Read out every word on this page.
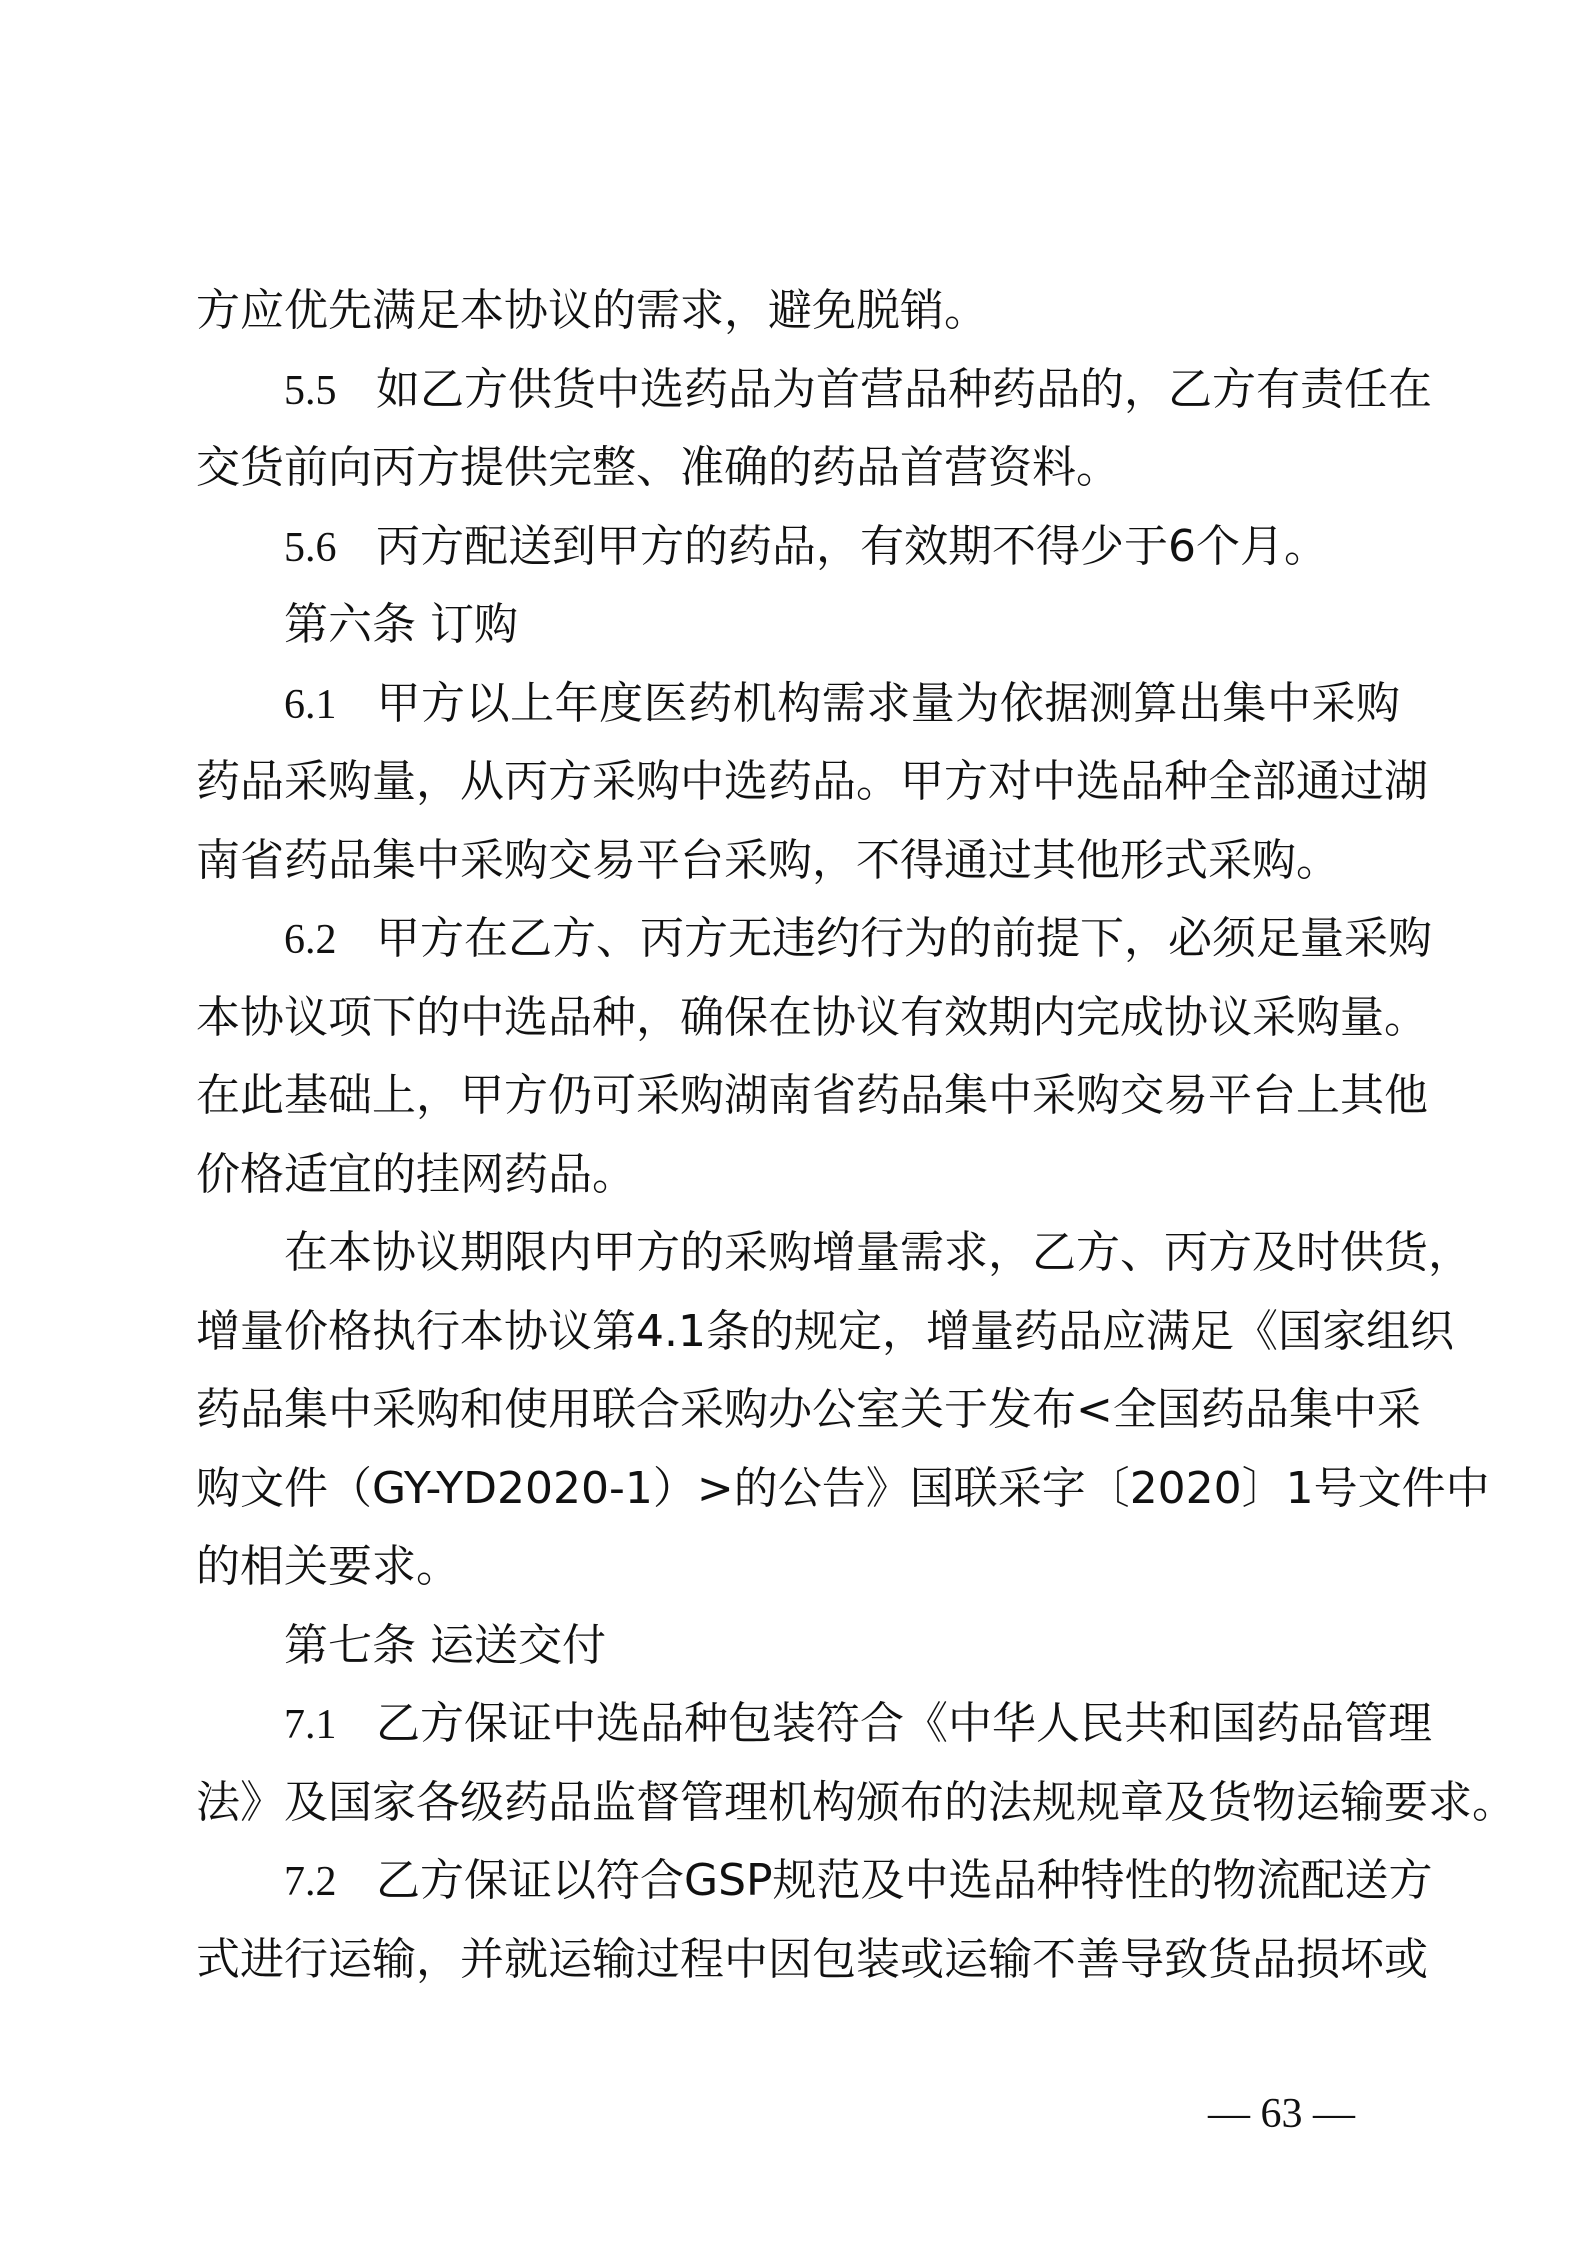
方应优先满足本协议的需求，避免脱销。

5.5 如乙方供货中选药品为首营品种药品的，乙方有责任在

交货前向丙方提供完整、准确的药品首营资料。

5.6 丙方配送到甲方的药品，有效期不得少于6个月。

第六条 订购

6.1 甲方以上年度医药机构需求量为依据测算出集中采购

药品采购量，从丙方采购中选药品。甲方对中选品种全部通过湖

南省药品集中采购交易平台采购，不得通过其他形式采购。

6.2 甲方在乙方、丙方无违约行为的前提下，必须足量采购

本协议项下的中选品种，确保在协议有效期内完成协议采购量。

在此基础上，甲方仍可采购湖南省药品集中采购交易平台上其他

价格适宜的挂网药品。

在本协议期限内甲方的采购增量需求，乙方、丙方及时供货，

增量价格执行本协议第4.1条的规定，增量药品应满足《国家组织

药品集中采购和使用联合采购办公室关于发布<全国药品集中采

购文件（GY-YD2020-1）>的公告》国联采字〔2020〕1号文件中

的相关要求。

第七条 运送交付

7.1 乙方保证中选品种包装符合《中华人民共和国药品管理

法》及国家各级药品监督管理机构颁布的法规规章及货物运输要求。

7.2 乙方保证以符合GSP规范及中选品种特性的物流配送方

式进行运输，并就运输过程中因包装或运输不善导致货品损坏或

— 63 —
